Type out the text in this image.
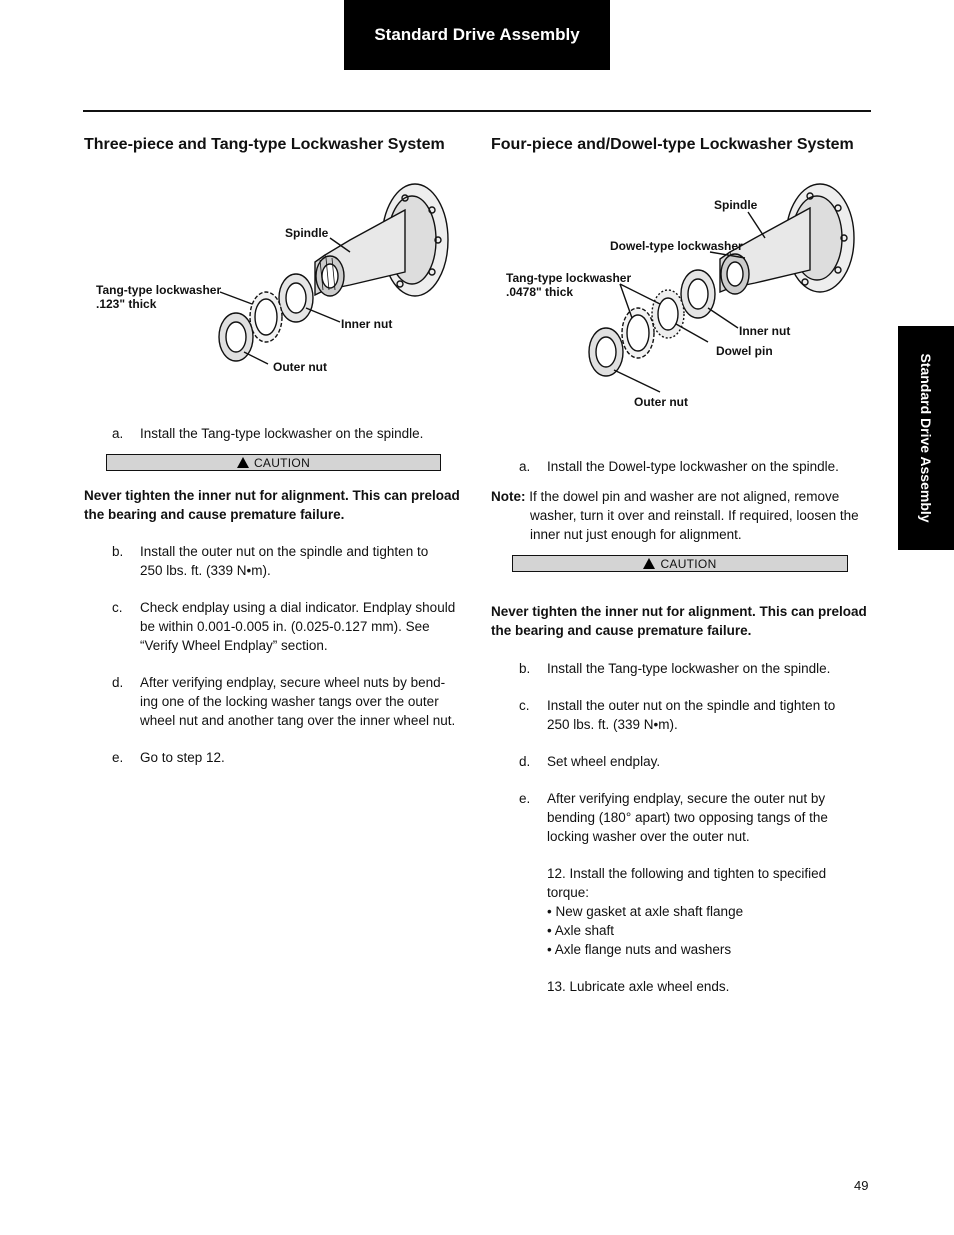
Standard Drive Assembly
Standard Drive Assembly
Three-piece and Tang-type Lockwasher System
Spindle
Tang-type lockwasher
.123" thick
Inner nut
Outer nut
a. Install the Tang-type lockwasher on the spindle.
CAUTION
Never tighten the inner nut for alignment. This can preload
the bearing and cause premature failure.
b. Install the outer nut on the spindle and tighten to
250 lbs. ft. (339 N•m).
c. Check endplay using a dial indicator. Endplay should
be within 0.001-0.005 in. (0.025-0.127 mm). See
“Verify Wheel Endplay” section.
d. After verifying endplay, secure wheel nuts by bend-
ing one of the locking washer tangs over the outer
wheel nut and another tang over the inner wheel nut.
e. Go to step 12.
Four-piece and/Dowel-type Lockwasher System
Spindle
Dowel-type lockwasher
Tang-type lockwasher
.0478" thick
Inner nut
Dowel pin
Outer nut
a. Install the Dowel-type lockwasher on the spindle.
Note: If the dowel pin and washer are not aligned, remove
washer, turn it over and reinstall. If required, loosen the
inner nut just enough for alignment.
CAUTION
Never tighten the inner nut for alignment. This can preload
the bearing and cause premature failure.
b. Install the Tang-type lockwasher on the spindle.
c. Install the outer nut on the spindle and tighten to
250 lbs. ft. (339 N•m).
d. Set wheel endplay.
e. After verifying endplay, secure the outer nut by
bending (180° apart) two opposing tangs of the
locking washer over the outer nut.
12. Install the following and tighten to specified
torque:
• New gasket at axle shaft flange
• Axle shaft
• Axle flange nuts and washers
13. Lubricate axle wheel ends.
49
